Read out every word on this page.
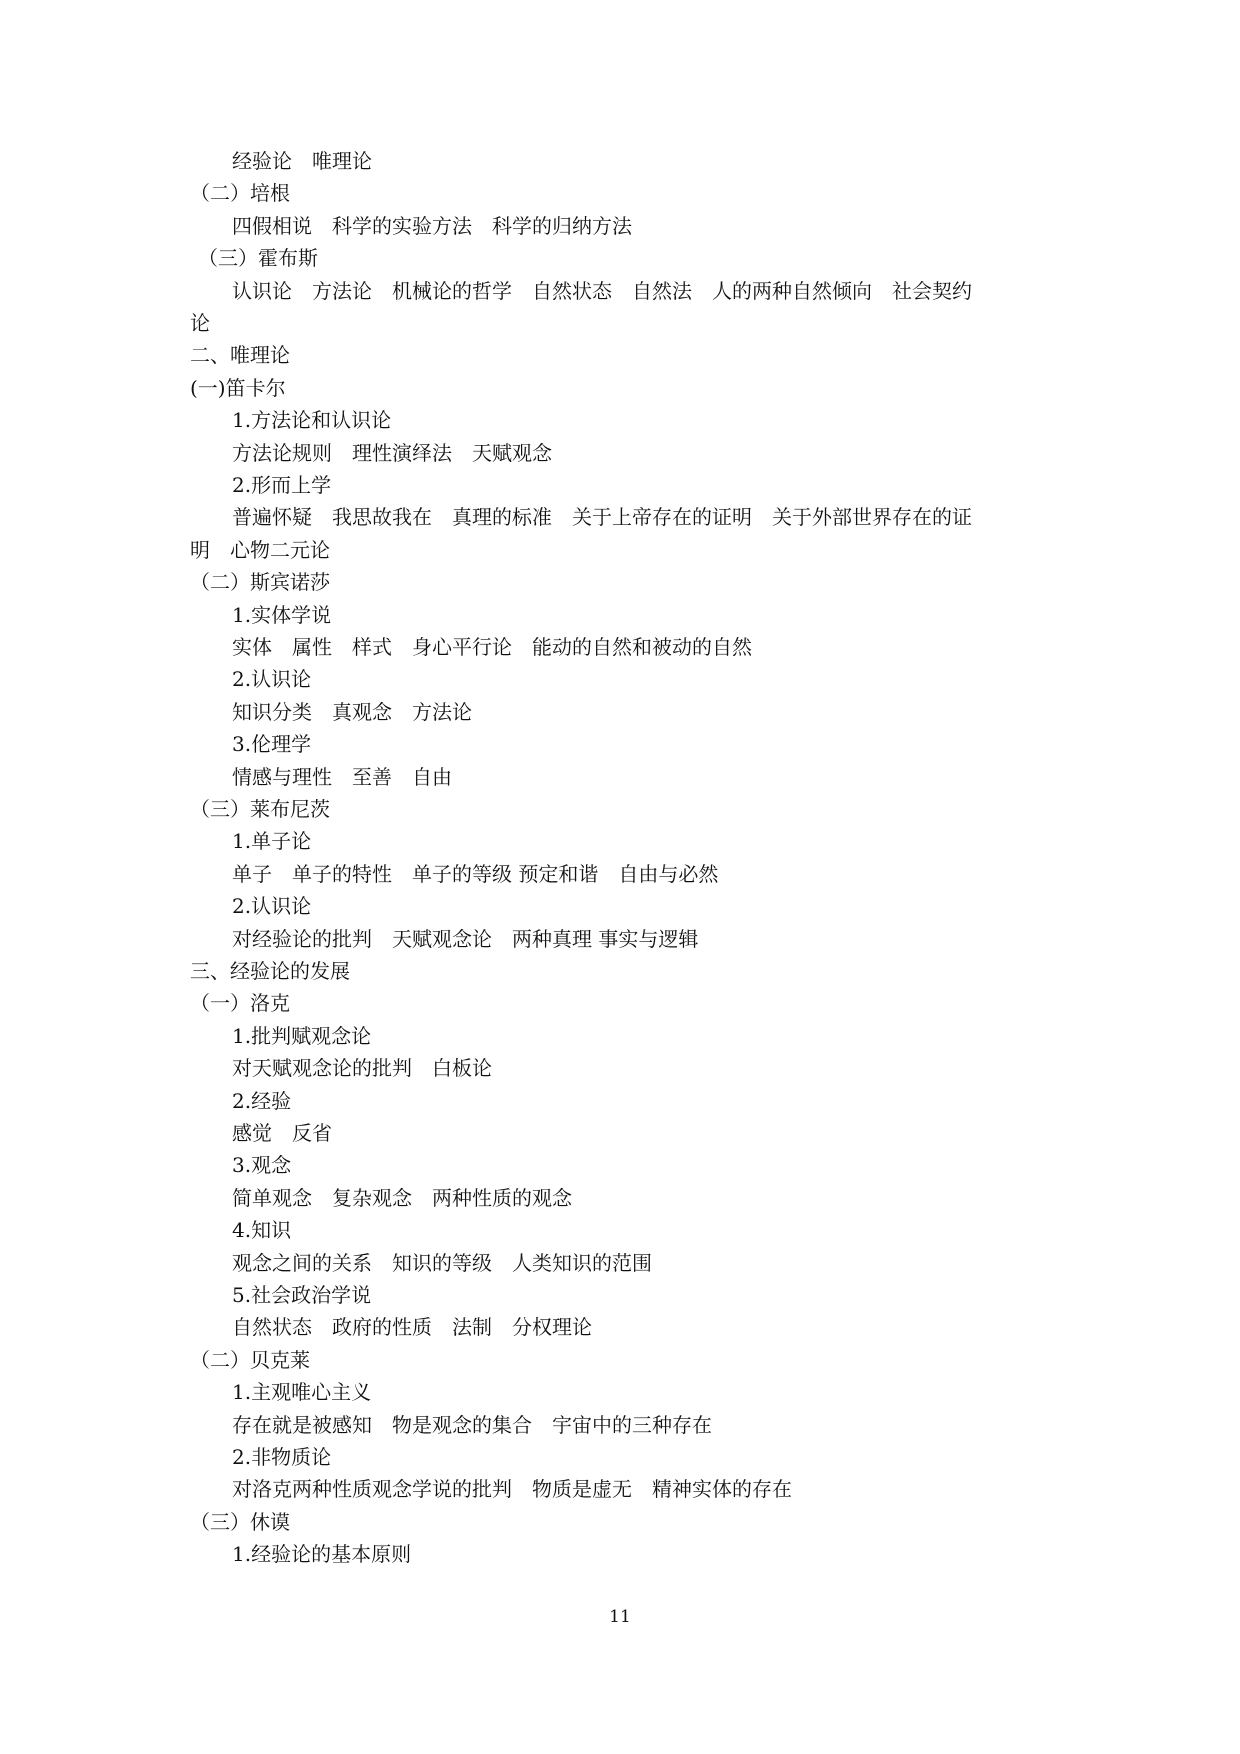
经验论　唯理论
（二）培根
四假相说　科学的实验方法　科学的归纳方法
（三）霍布斯
认识论　方法论　机械论的哲学　自然状态　自然法　人的两种自然倾向　社会契约
论
二、唯理论
(一)笛卡尔
1.方法论和认识论
方法论规则　理性演绎法　天赋观念
2.形而上学
普遍怀疑　我思故我在　真理的标准　关于上帝存在的证明　关于外部世界存在的证
明　心物二元论
（二）斯宾诺莎
1.实体学说
实体　属性　样式　身心平行论　能动的自然和被动的自然
2.认识论
知识分类　真观念　方法论
3.伦理学
情感与理性　至善　自由
（三）莱布尼茨
1.单子论
单子　单子的特性　单子的等级 预定和谐　自由与必然
2.认识论
对经验论的批判　天赋观念论　两种真理 事实与逻辑
三、经验论的发展
（一）洛克
1.批判赋观念论
对天赋观念论的批判　白板论
2.经验
感觉　反省
3.观念
简单观念　复杂观念　两种性质的观念
4.知识
观念之间的关系　知识的等级　人类知识的范围
5.社会政治学说
自然状态　政府的性质　法制　分权理论
（二）贝克莱
1.主观唯心主义
存在就是被感知　物是观念的集合　宇宙中的三种存在
2.非物质论
对洛克两种性质观念学说的批判　物质是虚无　精神实体的存在
（三）休谟
1.经验论的基本原则
11
